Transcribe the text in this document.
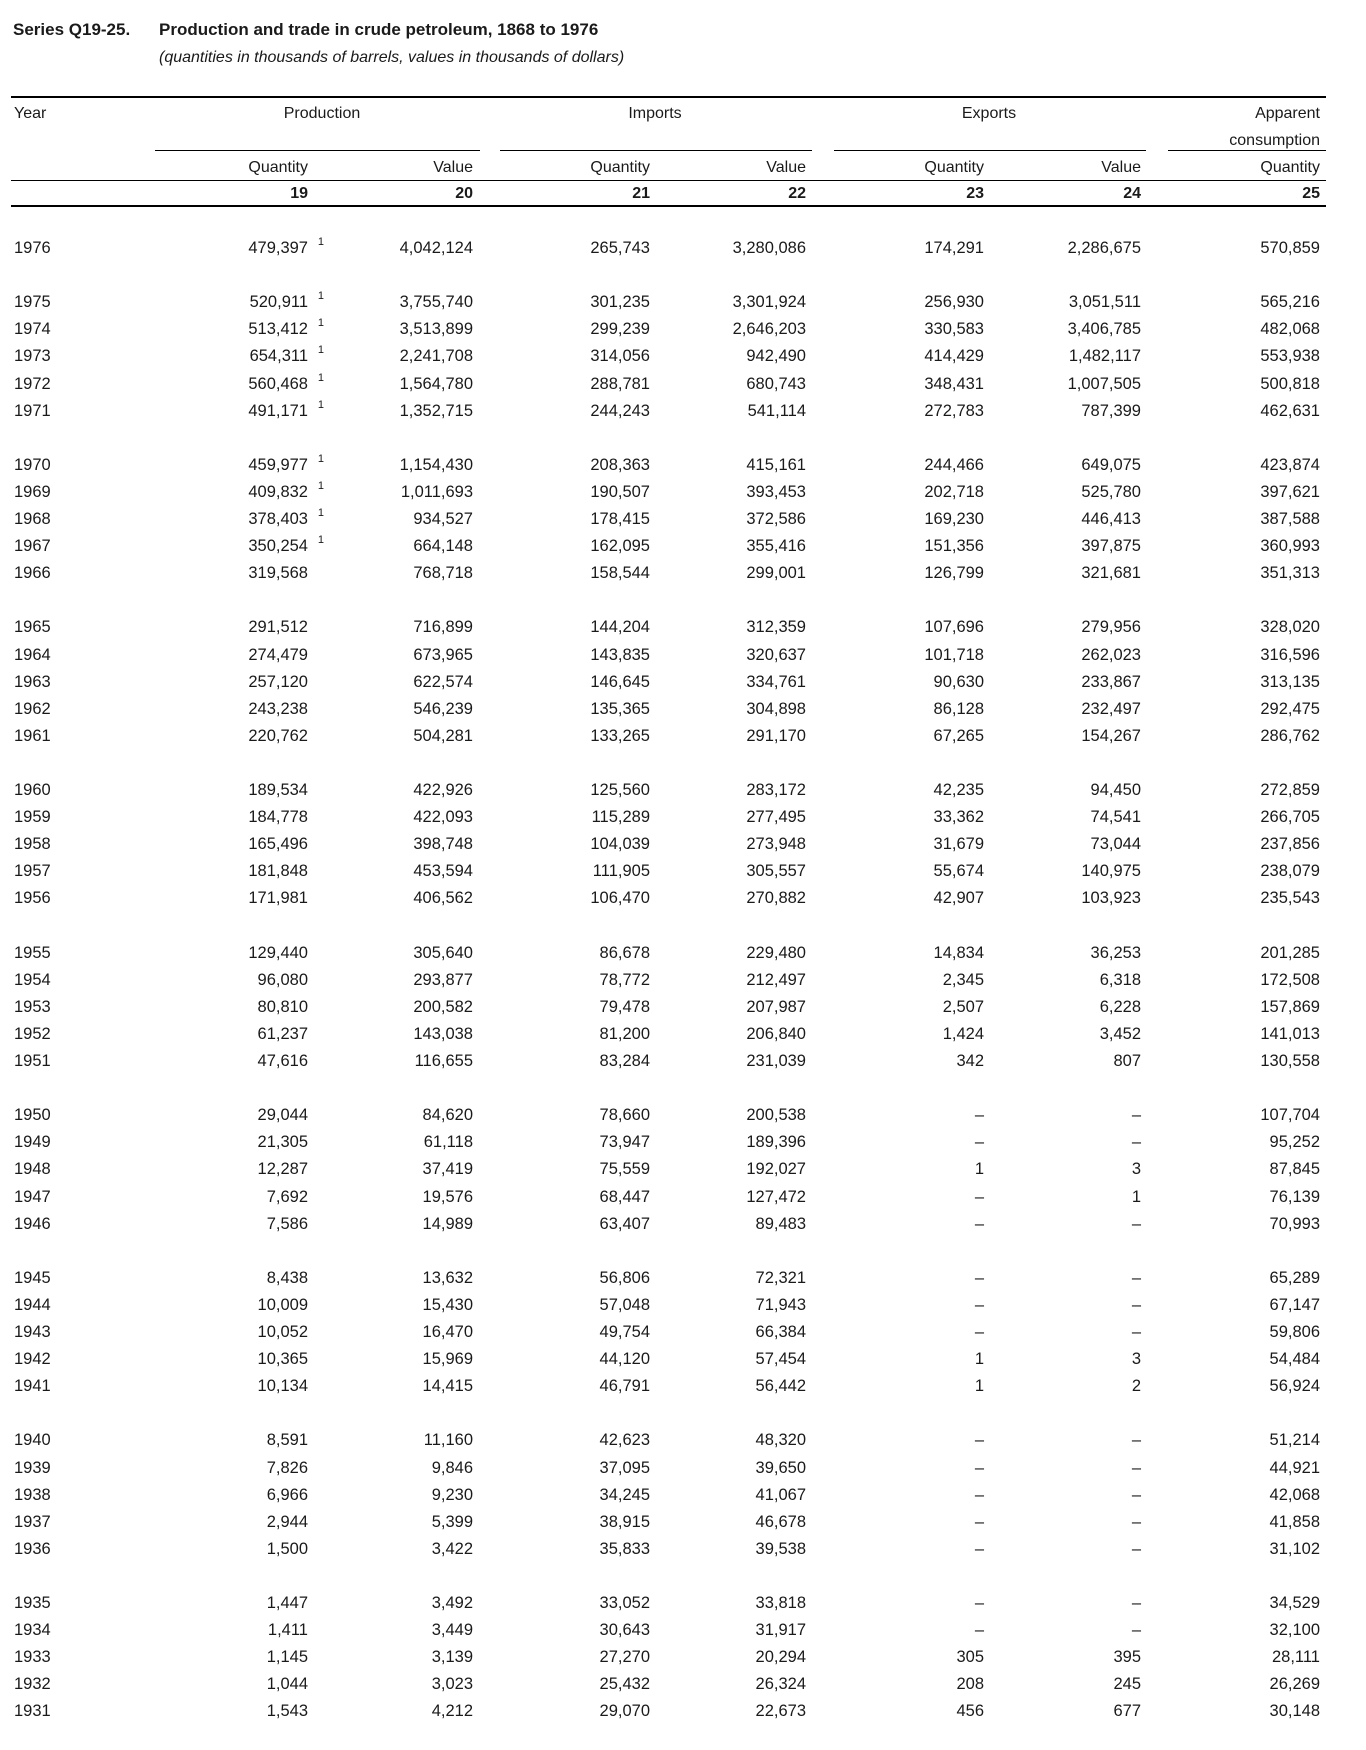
Series Q19-25. Production and trade in crude petroleum, 1868 to 1976
(quantities in thousands of barrels, values in thousands of dollars)
Year	Production	Imports	Exports	Apparent
consumption
Quantity	Value	Quantity	Value	Quantity	Value	Quantity
19	20	21	22	23	24	25
1976	479,397 1	4,042,124	265,743	3,280,086	174,291	2,286,675	570,859
1975	520,911 1	3,755,740	301,235	3,301,924	256,930	3,051,511	565,216
1974	513,412 1	3,513,899	299,239	2,646,203	330,583	3,406,785	482,068
1973	654,311 1	2,241,708	314,056	942,490	414,429	1,482,117	553,938
1972	560,468 1	1,564,780	288,781	680,743	348,431	1,007,505	500,818
1971	491,171 1	1,352,715	244,243	541,114	272,783	787,399	462,631
1970	459,977 1	1,154,430	208,363	415,161	244,466	649,075	423,874
1969	409,832 1	1,011,693	190,507	393,453	202,718	525,780	397,621
1968	378,403 1	934,527	178,415	372,586	169,230	446,413	387,588
1967	350,254 1	664,148	162,095	355,416	151,356	397,875	360,993
1966	319,568	768,718	158,544	299,001	126,799	321,681	351,313
1965	291,512	716,899	144,204	312,359	107,696	279,956	328,020
1964	274,479	673,965	143,835	320,637	101,718	262,023	316,596
1963	257,120	622,574	146,645	334,761	90,630	233,867	313,135
1962	243,238	546,239	135,365	304,898	86,128	232,497	292,475
1961	220,762	504,281	133,265	291,170	67,265	154,267	286,762
1960	189,534	422,926	125,560	283,172	42,235	94,450	272,859
1959	184,778	422,093	115,289	277,495	33,362	74,541	266,705
1958	165,496	398,748	104,039	273,948	31,679	73,044	237,856
1957	181,848	453,594	111,905	305,557	55,674	140,975	238,079
1956	171,981	406,562	106,470	270,882	42,907	103,923	235,543
1955	129,440	305,640	86,678	229,480	14,834	36,253	201,285
1954	96,080	293,877	78,772	212,497	2,345	6,318	172,508
1953	80,810	200,582	79,478	207,987	2,507	6,228	157,869
1952	61,237	143,038	81,200	206,840	1,424	3,452	141,013
1951	47,616	116,655	83,284	231,039	342	807	130,558
1950	29,044	84,620	78,660	200,538	–	–	107,704
1949	21,305	61,118	73,947	189,396	–	–	95,252
1948	12,287	37,419	75,559	192,027	1	3	87,845
1947	7,692	19,576	68,447	127,472	–	1	76,139
1946	7,586	14,989	63,407	89,483	–	–	70,993
1945	8,438	13,632	56,806	72,321	–	–	65,289
1944	10,009	15,430	57,048	71,943	–	–	67,147
1943	10,052	16,470	49,754	66,384	–	–	59,806
1942	10,365	15,969	44,120	57,454	1	3	54,484
1941	10,134	14,415	46,791	56,442	1	2	56,924
1940	8,591	11,160	42,623	48,320	–	–	51,214
1939	7,826	9,846	37,095	39,650	–	–	44,921
1938	6,966	9,230	34,245	41,067	–	–	42,068
1937	2,944	5,399	38,915	46,678	–	–	41,858
1936	1,500	3,422	35,833	39,538	–	–	31,102
1935	1,447	3,492	33,052	33,818	–	–	34,529
1934	1,411	3,449	30,643	31,917	–	–	32,100
1933	1,145	3,139	27,270	20,294	305	395	28,111
1932	1,044	3,023	25,432	26,324	208	245	26,269
1931	1,543	4,212	29,070	22,673	456	677	30,148
